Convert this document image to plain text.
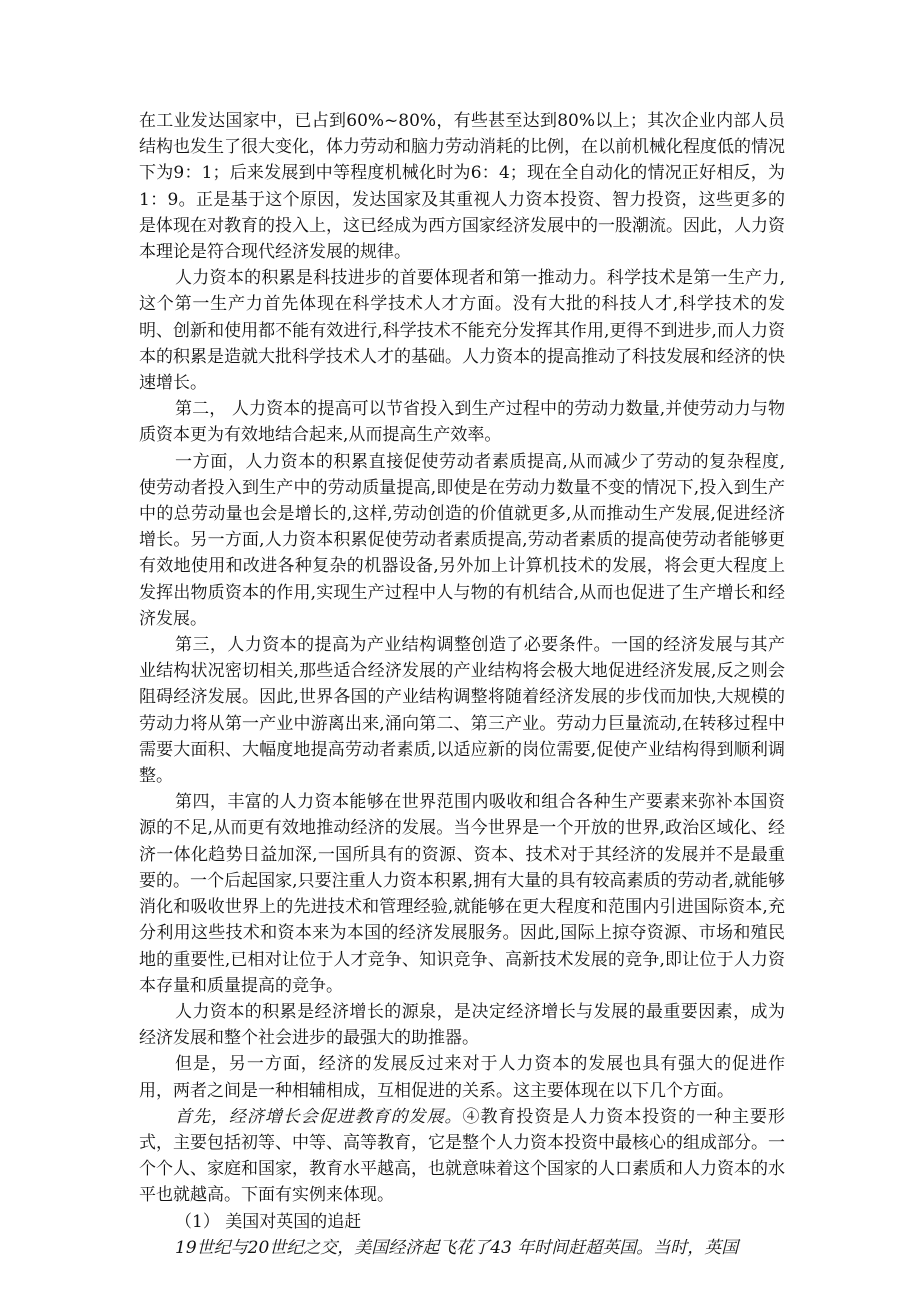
在工业发达国家中，已占到60%~80%，有些甚至达到80%以上；其次企业内部人员结构也发生了很大变化，体力劳动和脑力劳动消耗的比例，在以前机械化程度低的情况下为9：1；后来发展到中等程度机械化时为6：4；现在全自动化的情况正好相反，为1：9。正是基于这个原因，发达国家及其重视人力资本投资、智力投资，这些更多的是体现在对教育的投入上，这已经成为西方国家经济发展中的一股潮流。因此，人力资本理论是符合现代经济发展的规律。

人力资本的积累是科技进步的首要体现者和第一推动力。科学技术是第一生产力,这个第一生产力首先体现在科学技术人才方面。没有大批的科技人才,科学技术的发明、创新和使用都不能有效进行,科学技术不能充分发挥其作用,更得不到进步,而人力资本的积累是造就大批科学技术人才的基础。人力资本的提高推动了科技发展和经济的快速增长。

第二， 人力资本的提高可以节省投入到生产过程中的劳动力数量,并使劳动力与物质资本更为有效地结合起来,从而提高生产效率。

一方面，人力资本的积累直接促使劳动者素质提高,从而减少了劳动的复杂程度, 使劳动者投入到生产中的劳动质量提高,即使是在劳动力数量不变的情况下,投入到生产中的总劳动量也会是增长的,这样,劳动创造的价值就更多,从而推动生产发展,促进经济增长。另一方面,人力资本积累促使劳动者素质提高,劳动者素质的提高使劳动者能够更有效地使用和改进各种复杂的机器设备,另外加上计算机技术的发展，将会更大程度上发挥出物质资本的作用,实现生产过程中人与物的有机结合,从而也促进了生产增长和经济发展。

第三，人力资本的提高为产业结构调整创造了必要条件。一国的经济发展与其产业结构状况密切相关,那些适合经济发展的产业结构将会极大地促进经济发展,反之则会阻碍经济发展。因此,世界各国的产业结构调整将随着经济发展的步伐而加快,大规模的劳动力将从第一产业中游离出来,涌向第二、第三产业。劳动力巨量流动,在转移过程中需要大面积、大幅度地提高劳动者素质,以适应新的岗位需要,促使产业结构得到顺利调整。

第四，丰富的人力资本能够在世界范围内吸收和组合各种生产要素来弥补本国资源的不足,从而更有效地推动经济的发展。当今世界是一个开放的世界,政治区域化、经济一体化趋势日益加深,一国所具有的资源、资本、技术对于其经济的发展并不是最重要的。一个后起国家,只要注重人力资本积累,拥有大量的具有较高素质的劳动者,就能够消化和吸收世界上的先进技术和管理经验,就能够在更大程度和范围内引进国际资本,充分利用这些技术和资本来为本国的经济发展服务。因此,国际上掠夺资源、市场和殖民地的重要性,已相对让位于人才竞争、知识竞争、高新技术发展的竞争,即让位于人力资本存量和质量提高的竞争。

人力资本的积累是经济增长的源泉，是决定经济增长与发展的最重要因素，成为经济发展和整个社会进步的最强大的助推器。

但是，另一方面，经济的发展反过来对于人力资本的发展也具有强大的促进作用，两者之间是一种相辅相成，互相促进的关系。这主要体现在以下几个方面。

首先，经济增长会促进教育的发展。④教育投资是人力资本投资的一种主要形式，主要包括初等、中等、高等教育，它是整个人力资本投资中最核心的组成部分。一个个人、家庭和国家，教育水平越高，也就意味着这个国家的人口素质和人力资本的水平也就越高。下面有实例来体现。

（1） 美国对英国的追赶

19世纪与20世纪之交，美国经济起飞花了43 年时间赶超英国。当时，英国
